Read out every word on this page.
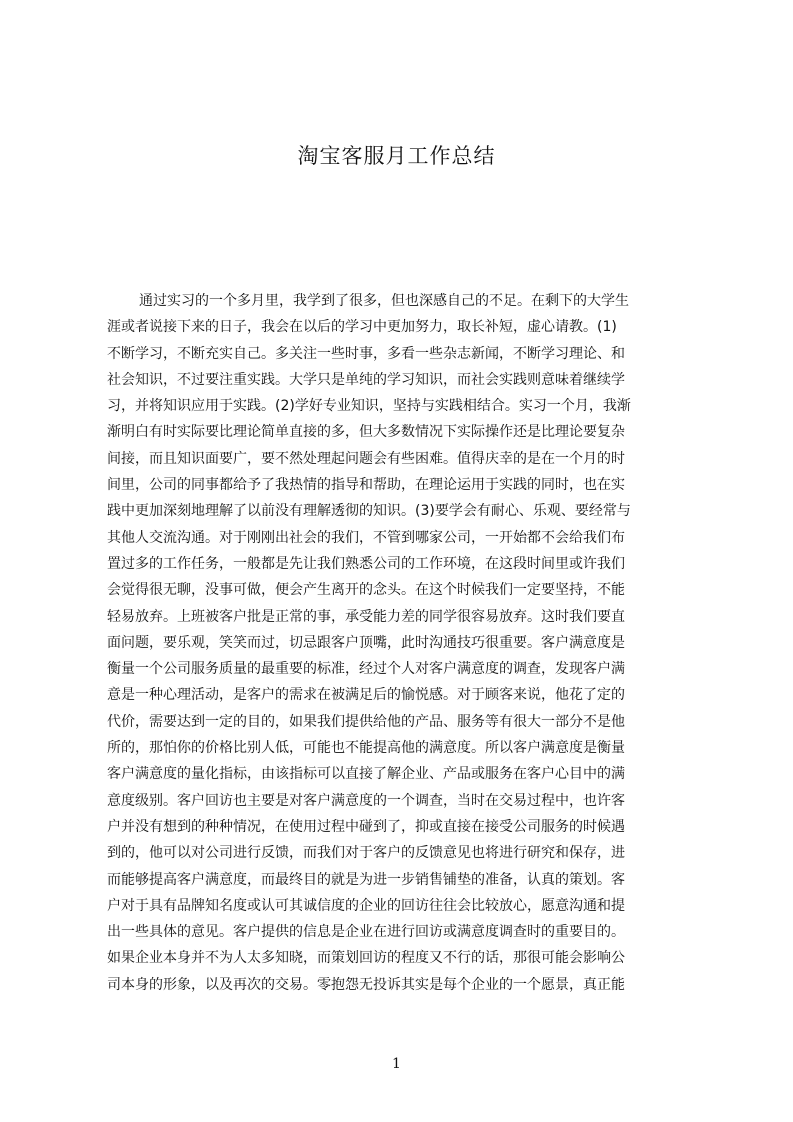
淘宝客服月工作总结
通过实习的一个多月里，我学到了很多，但也深感自己的不足。在剩下的大学生
涯或者说接下来的日子，我会在以后的学习中更加努力，取长补短，虚心请教。(1)
不断学习，不断充实自己。多关注一些时事，多看一些杂志新闻，不断学习理论、和
社会知识，不过要注重实践。大学只是单纯的学习知识，而社会实践则意味着继续学
习，并将知识应用于实践。(2)学好专业知识，坚持与实践相结合。实习一个月，我渐
渐明白有时实际要比理论简单直接的多，但大多数情况下实际操作还是比理论要复杂
间接，而且知识面要广，要不然处理起问题会有些困难。值得庆幸的是在一个月的时
间里，公司的同事都给予了我热情的指导和帮助，在理论运用于实践的同时，也在实
践中更加深刻地理解了以前没有理解透彻的知识。(3)要学会有耐心、乐观、要经常与
其他人交流沟通。对于刚刚出社会的我们，不管到哪家公司，一开始都不会给我们布
置过多的工作任务，一般都是先让我们熟悉公司的工作环境，在这段时间里或许我们
会觉得很无聊，没事可做，便会产生离开的念头。在这个时候我们一定要坚持，不能
轻易放弃。上班被客户批是正常的事，承受能力差的同学很容易放弃。这时我们要直
面问题，要乐观，笑笑而过，切忌跟客户顶嘴，此时沟通技巧很重要。客户满意度是
衡量一个公司服务质量的最重要的标准，经过个人对客户满意度的调查，发现客户满
意是一种心理活动，是客户的需求在被满足后的愉悦感。对于顾客来说，他花了定的
代价，需要达到一定的目的，如果我们提供给他的产品、服务等有很大一部分不是他
所的，那怕你的价格比别人低，可能也不能提高他的满意度。所以客户满意度是衡量
客户满意度的量化指标，由该指标可以直接了解企业、产品或服务在客户心目中的满
意度级别。客户回访也主要是对客户满意度的一个调查，当时在交易过程中，也许客
户并没有想到的种种情况，在使用过程中碰到了，抑或直接在接受公司服务的时候遇
到的，他可以对公司进行反馈，而我们对于客户的反馈意见也将进行研究和保存，进
而能够提高客户满意度，而最终目的就是为进一步销售铺垫的准备，认真的策划。客
户对于具有品牌知名度或认可其诚信度的企业的回访往往会比较放心，愿意沟通和提
出一些具体的意见。客户提供的信息是企业在进行回访或满意度调查时的重要目的。
如果企业本身并不为人太多知晓，而策划回访的程度又不行的话，那很可能会影响公
司本身的形象，以及再次的交易。零抱怨无投诉其实是每个企业的一个愿景，真正能
1
